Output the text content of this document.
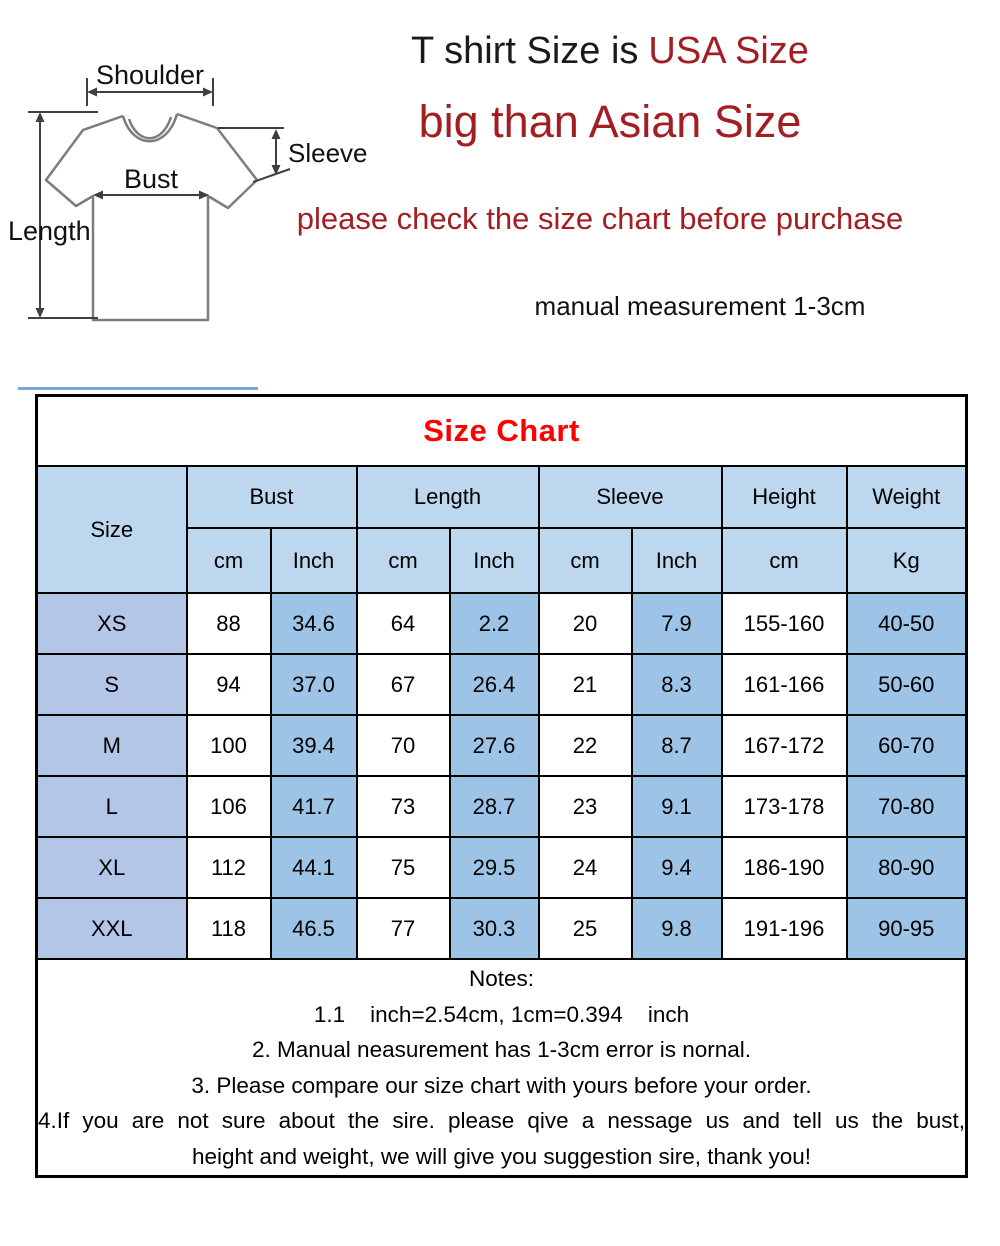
Shoulder
Length
Bust
Sleeve
T shirt Size is USA Size
big than Asian Size
please check the size chart before purchase
manual measurement 1-3cm
Size Chart								
Size	Bust		Length		Sleeve		Height	Weight
	cm	Inch	cm	Inch	cm	Inch	cm	Kg
XS	88	34.6	64	2.2	20	7.9	155-160	40-50
S	94	37.0	67	26.4	21	8.3	161-166	50-60
M	100	39.4	70	27.6	22	8.7	167-172	60-70
L	106	41.7	73	28.7	23	9.1	173-178	70-80
XL	112	44.1	75	29.5	24	9.4	186-190	80-90
XXL	118	46.5	77	30.3	25	9.8	191-196	90-95

Notes:
1.1    inch=2.54cm, 1cm=0.394    inch
2. Manual neasurement has 1-3cm error is nornal.
3. Please compare our size chart with yours before your order.
4.If you are not sure about the sire. please qive a nessage us and tell us the bust,
height and weight, we will give you suggestion sire, thank you!
